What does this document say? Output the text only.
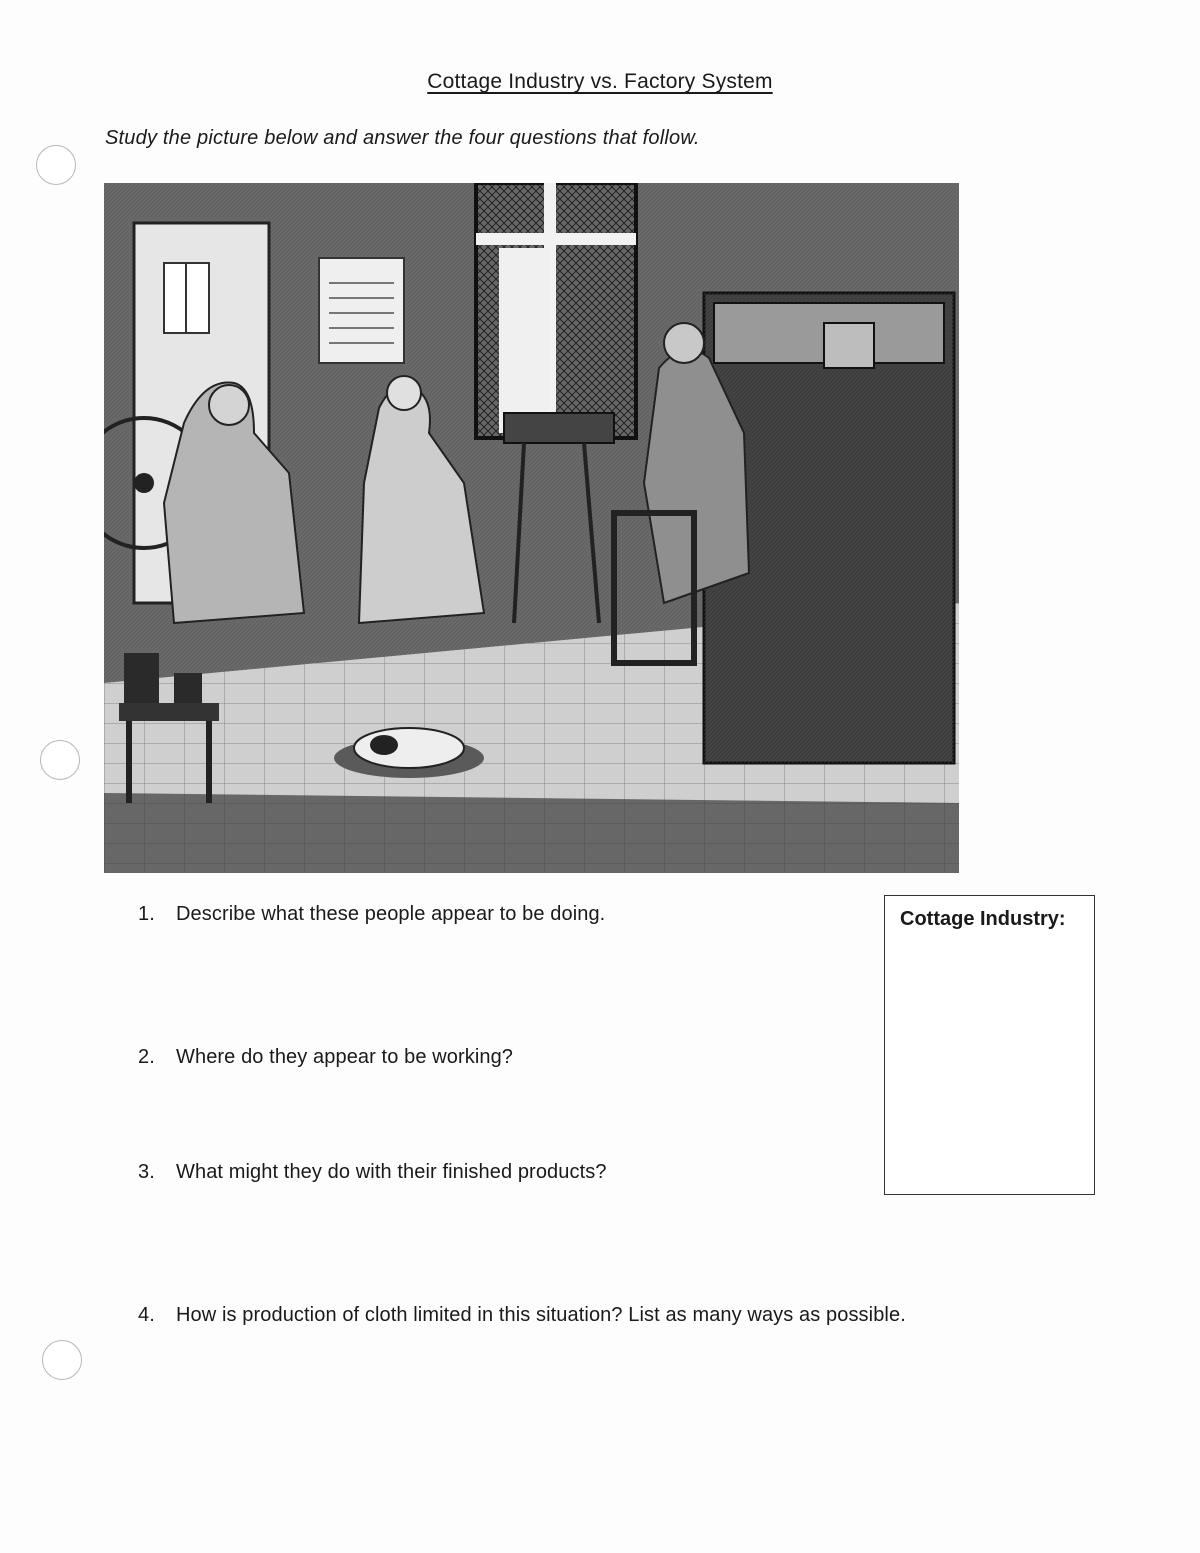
Cottage Industry vs. Factory System
Study the picture below and answer the four questions that follow.
1. Describe what these people appear to be doing.
2. Where do they appear to be working?
3. What might they do with their finished products?
4. How is production of cloth limited in this situation? List as many ways as possible.
Cottage Industry:
